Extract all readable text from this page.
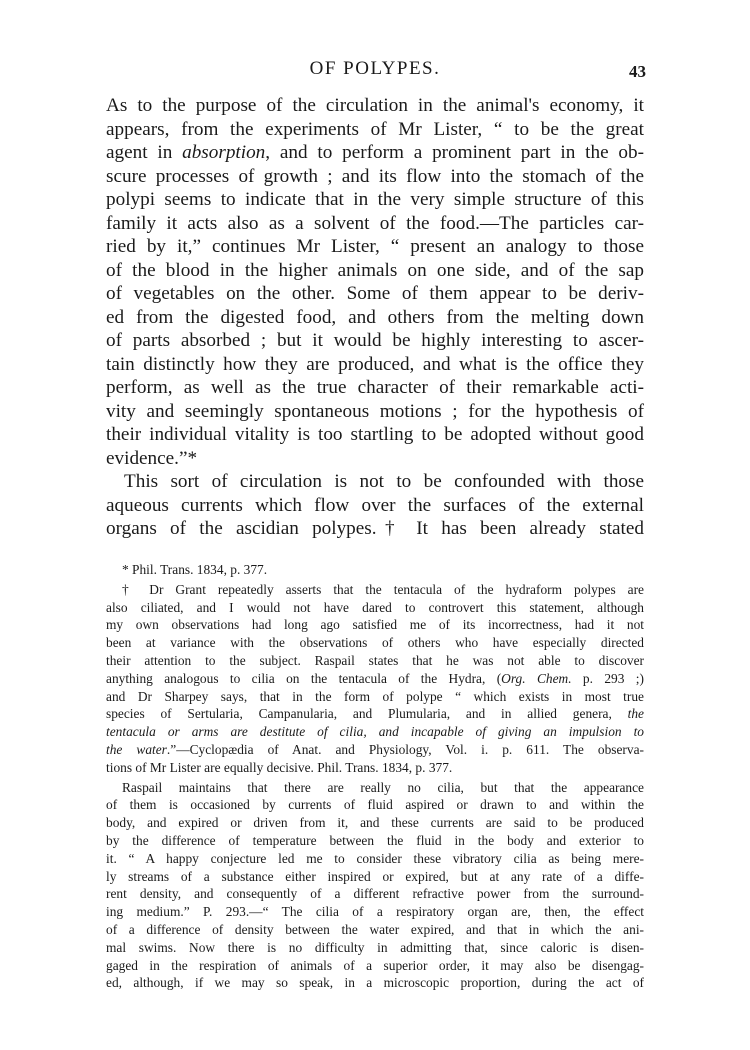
OF POLYPES.	43

As to the purpose of the circulation in the animal's economy, it

appears, from the experiments of Mr Lister, “ to be the great

agent in absorption, and to perform a prominent part in the ob-

scure processes of growth ; and its flow into the stomach of the

polypi seems to indicate that in the very simple structure of this

family it acts also as a solvent of the food.—The particles car-

ried by it,” continues Mr Lister, “ present an analogy to those

of the blood in the higher animals on one side, and of the sap

of vegetables on the other. Some of them appear to be deriv-

ed from the digested food, and others from the melting down

of parts absorbed ; but it would be highly interesting to ascer-

tain distinctly how they are produced, and what is the office they

perform, as well as the true character of their remarkable acti-

vity and seemingly spontaneous motions ; for the hypothesis of

their individual vitality is too startling to be adopted without good

evidence.”*

This sort of circulation is not to be confounded with those

aqueous currents which flow over the surfaces of the external

organs of the ascidian polypes.† It has been already stated

* Phil. Trans. 1834, p. 377.

† Dr Grant repeatedly asserts that the tentacula of the hydraform polypes are

also ciliated, and I would not have dared to controvert this statement, although

my own observations had long ago satisfied me of its incorrectness, had it not

been at variance with the observations of others who have especially directed

their attention to the subject. Raspail states that he was not able to discover

anything analogous to cilia on the tentacula of the Hydra, (Org. Chem. p. 293 ;)

and Dr Sharpey says, that in the form of polype “ which exists in most true

species of Sertularia, Campanularia, and Plumularia, and in allied genera, the

tentacula or arms are destitute of cilia, and incapable of giving an impulsion to

the water.”—Cyclopædia of Anat. and Physiology, Vol. i. p. 611. The observa-

tions of Mr Lister are equally decisive. Phil. Trans. 1834, p. 377.

Raspail maintains that there are really no cilia, but that the appearance

of them is occasioned by currents of fluid aspired or drawn to and within the

body, and expired or driven from it, and these currents are said to be produced

by the difference of temperature between the fluid in the body and exterior to

it. “ A happy conjecture led me to consider these vibratory cilia as being mere-

ly streams of a substance either inspired or expired, but at any rate of a diffe-

rent density, and consequently of a different refractive power from the surround-

ing medium.” P. 293.—“ The cilia of a respiratory organ are, then, the effect

of a difference of density between the water expired, and that in which the ani-

mal swims. Now there is no difficulty in admitting that, since caloric is disen-

gaged in the respiration of animals of a superior order, it may also be disengag-

ed, although, if we may so speak, in a microscopic proportion, during the act of
